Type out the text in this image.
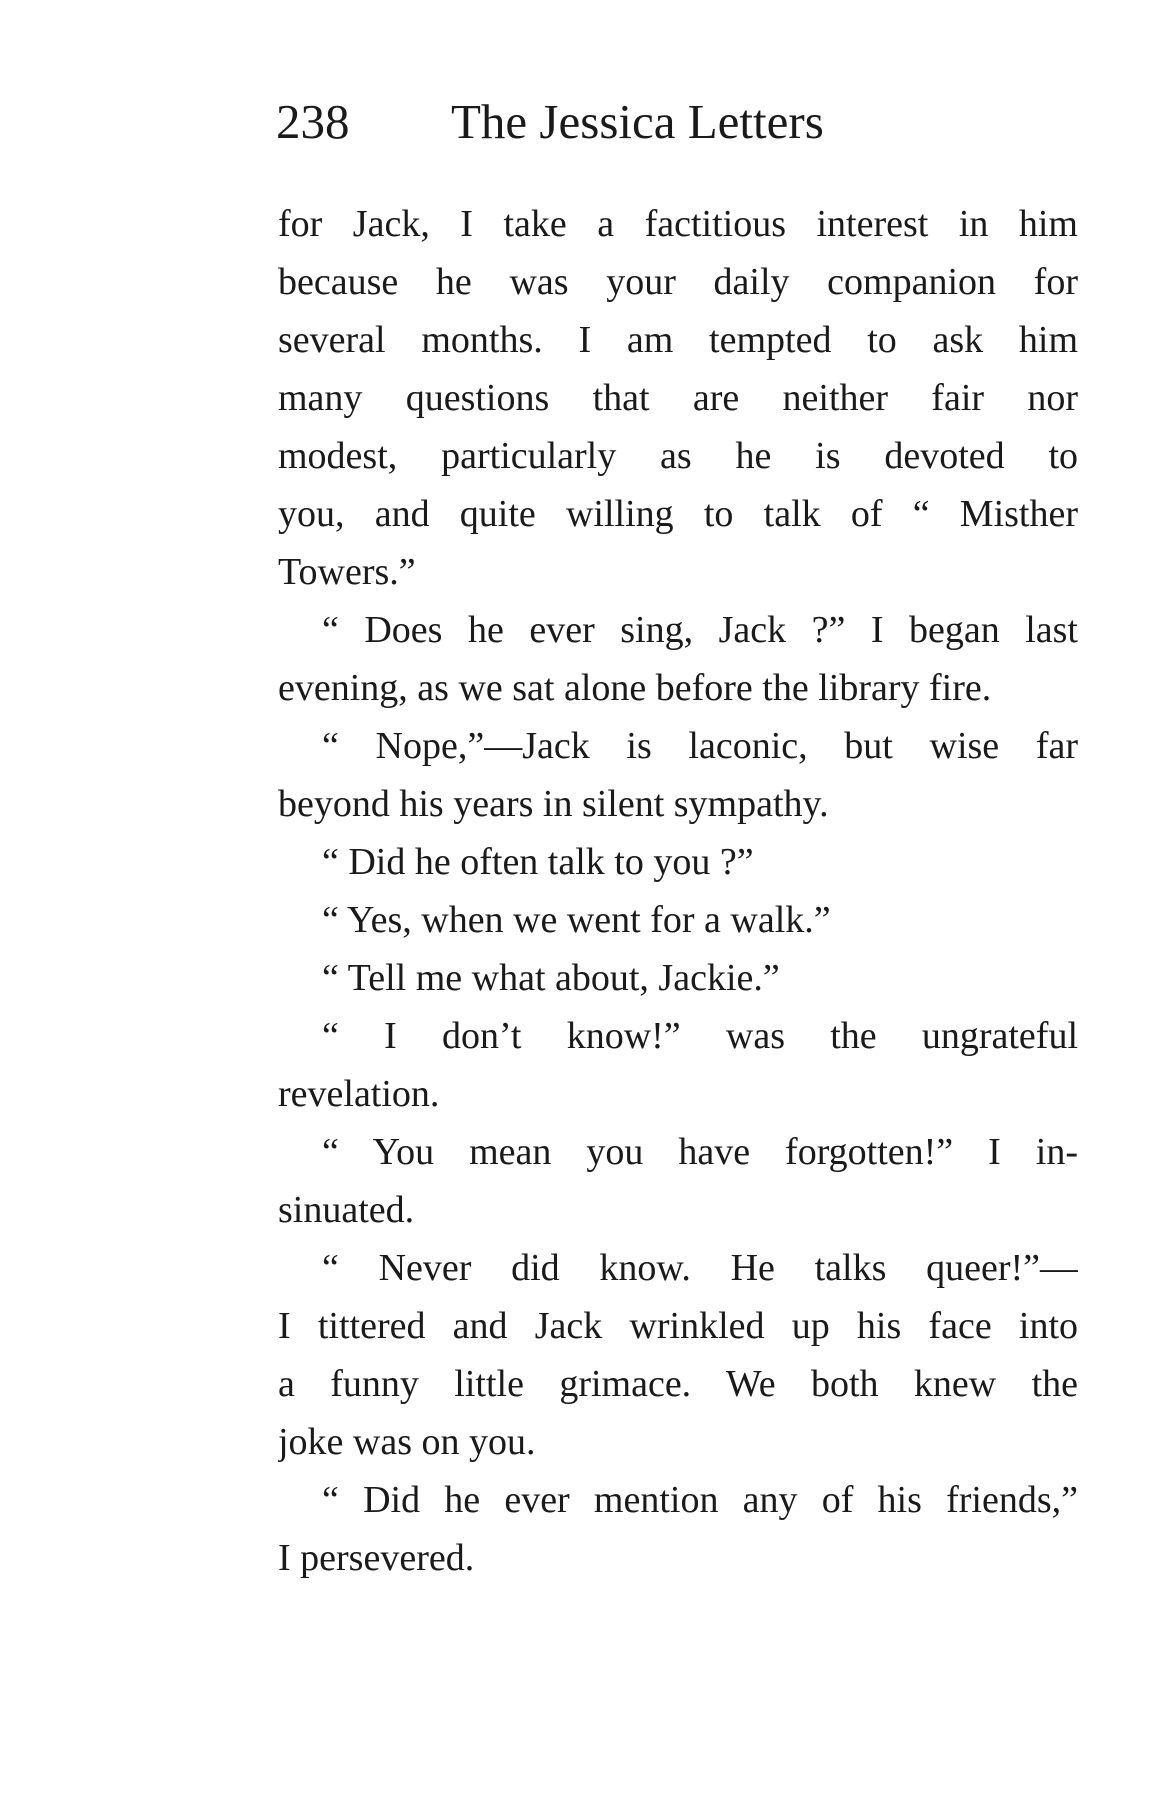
238 The Jessica Letters
for Jack, I take a factitious interest in him
because he was your daily companion for
several months. I am tempted to ask him
many questions that are neither fair nor
modest, particularly as he is devoted to
you, and quite willing to talk of “ Misther
Towers.”
“ Does he ever sing, Jack ?” I began last
evening, as we sat alone before the library fire.
“ Nope,”—Jack is laconic, but wise far
beyond his years in silent sympathy.
“ Did he often talk to you ?”
“ Yes, when we went for a walk.”
“ Tell me what about, Jackie.”
“ I don’t know!” was the ungrateful
revelation.
“ You mean you have forgotten!” I in-
sinuated.
“ Never did know. He talks queer!”—
I tittered and Jack wrinkled up his face into
a funny little grimace. We both knew the
joke was on you.
“ Did he ever mention any of his friends,”
I persevered.
